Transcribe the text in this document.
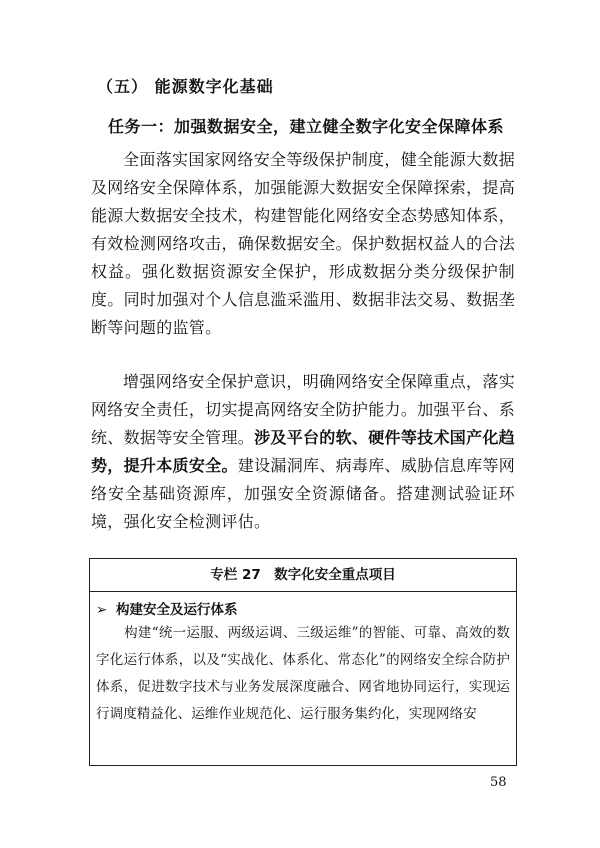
（五） 能源数字化基础
任务一：加强数据安全，建立健全数字化安全保障体系
全面落实国家网络安全等级保护制度，健全能源大数据及网络安全保障体系，加强能源大数据安全保障探索，提高能源大数据安全技术，构建智能化网络安全态势感知体系，有效检测网络攻击，确保数据安全。保护数据权益人的合法权益。强化数据资源安全保护，形成数据分类分级保护制度。同时加强对个人信息滥采滥用、数据非法交易、数据垄断等问题的监管。
增强网络安全保护意识，明确网络安全保障重点，落实网络安全责任，切实提高网络安全防护能力。加强平台、系统、数据等安全管理。涉及平台的软、硬件等技术国产化趋势，提升本质安全。建设漏洞库、病毒库、威胁信息库等网络安全基础资源库，加强安全资源储备。搭建测试验证环境，强化安全检测评估。
专栏 27　数字化安全重点项目
➢ 构建安全及运行体系
构建“统一运服、两级运调、三级运维”的智能、可靠、高效的数字化运行体系，以及“实战化、体系化、常态化”的网络安全综合防护体系，促进数字技术与业务发展深度融合、网省地协同运行，实现运行调度精益化、运维作业规范化、运行服务集约化，实现网络安
58
